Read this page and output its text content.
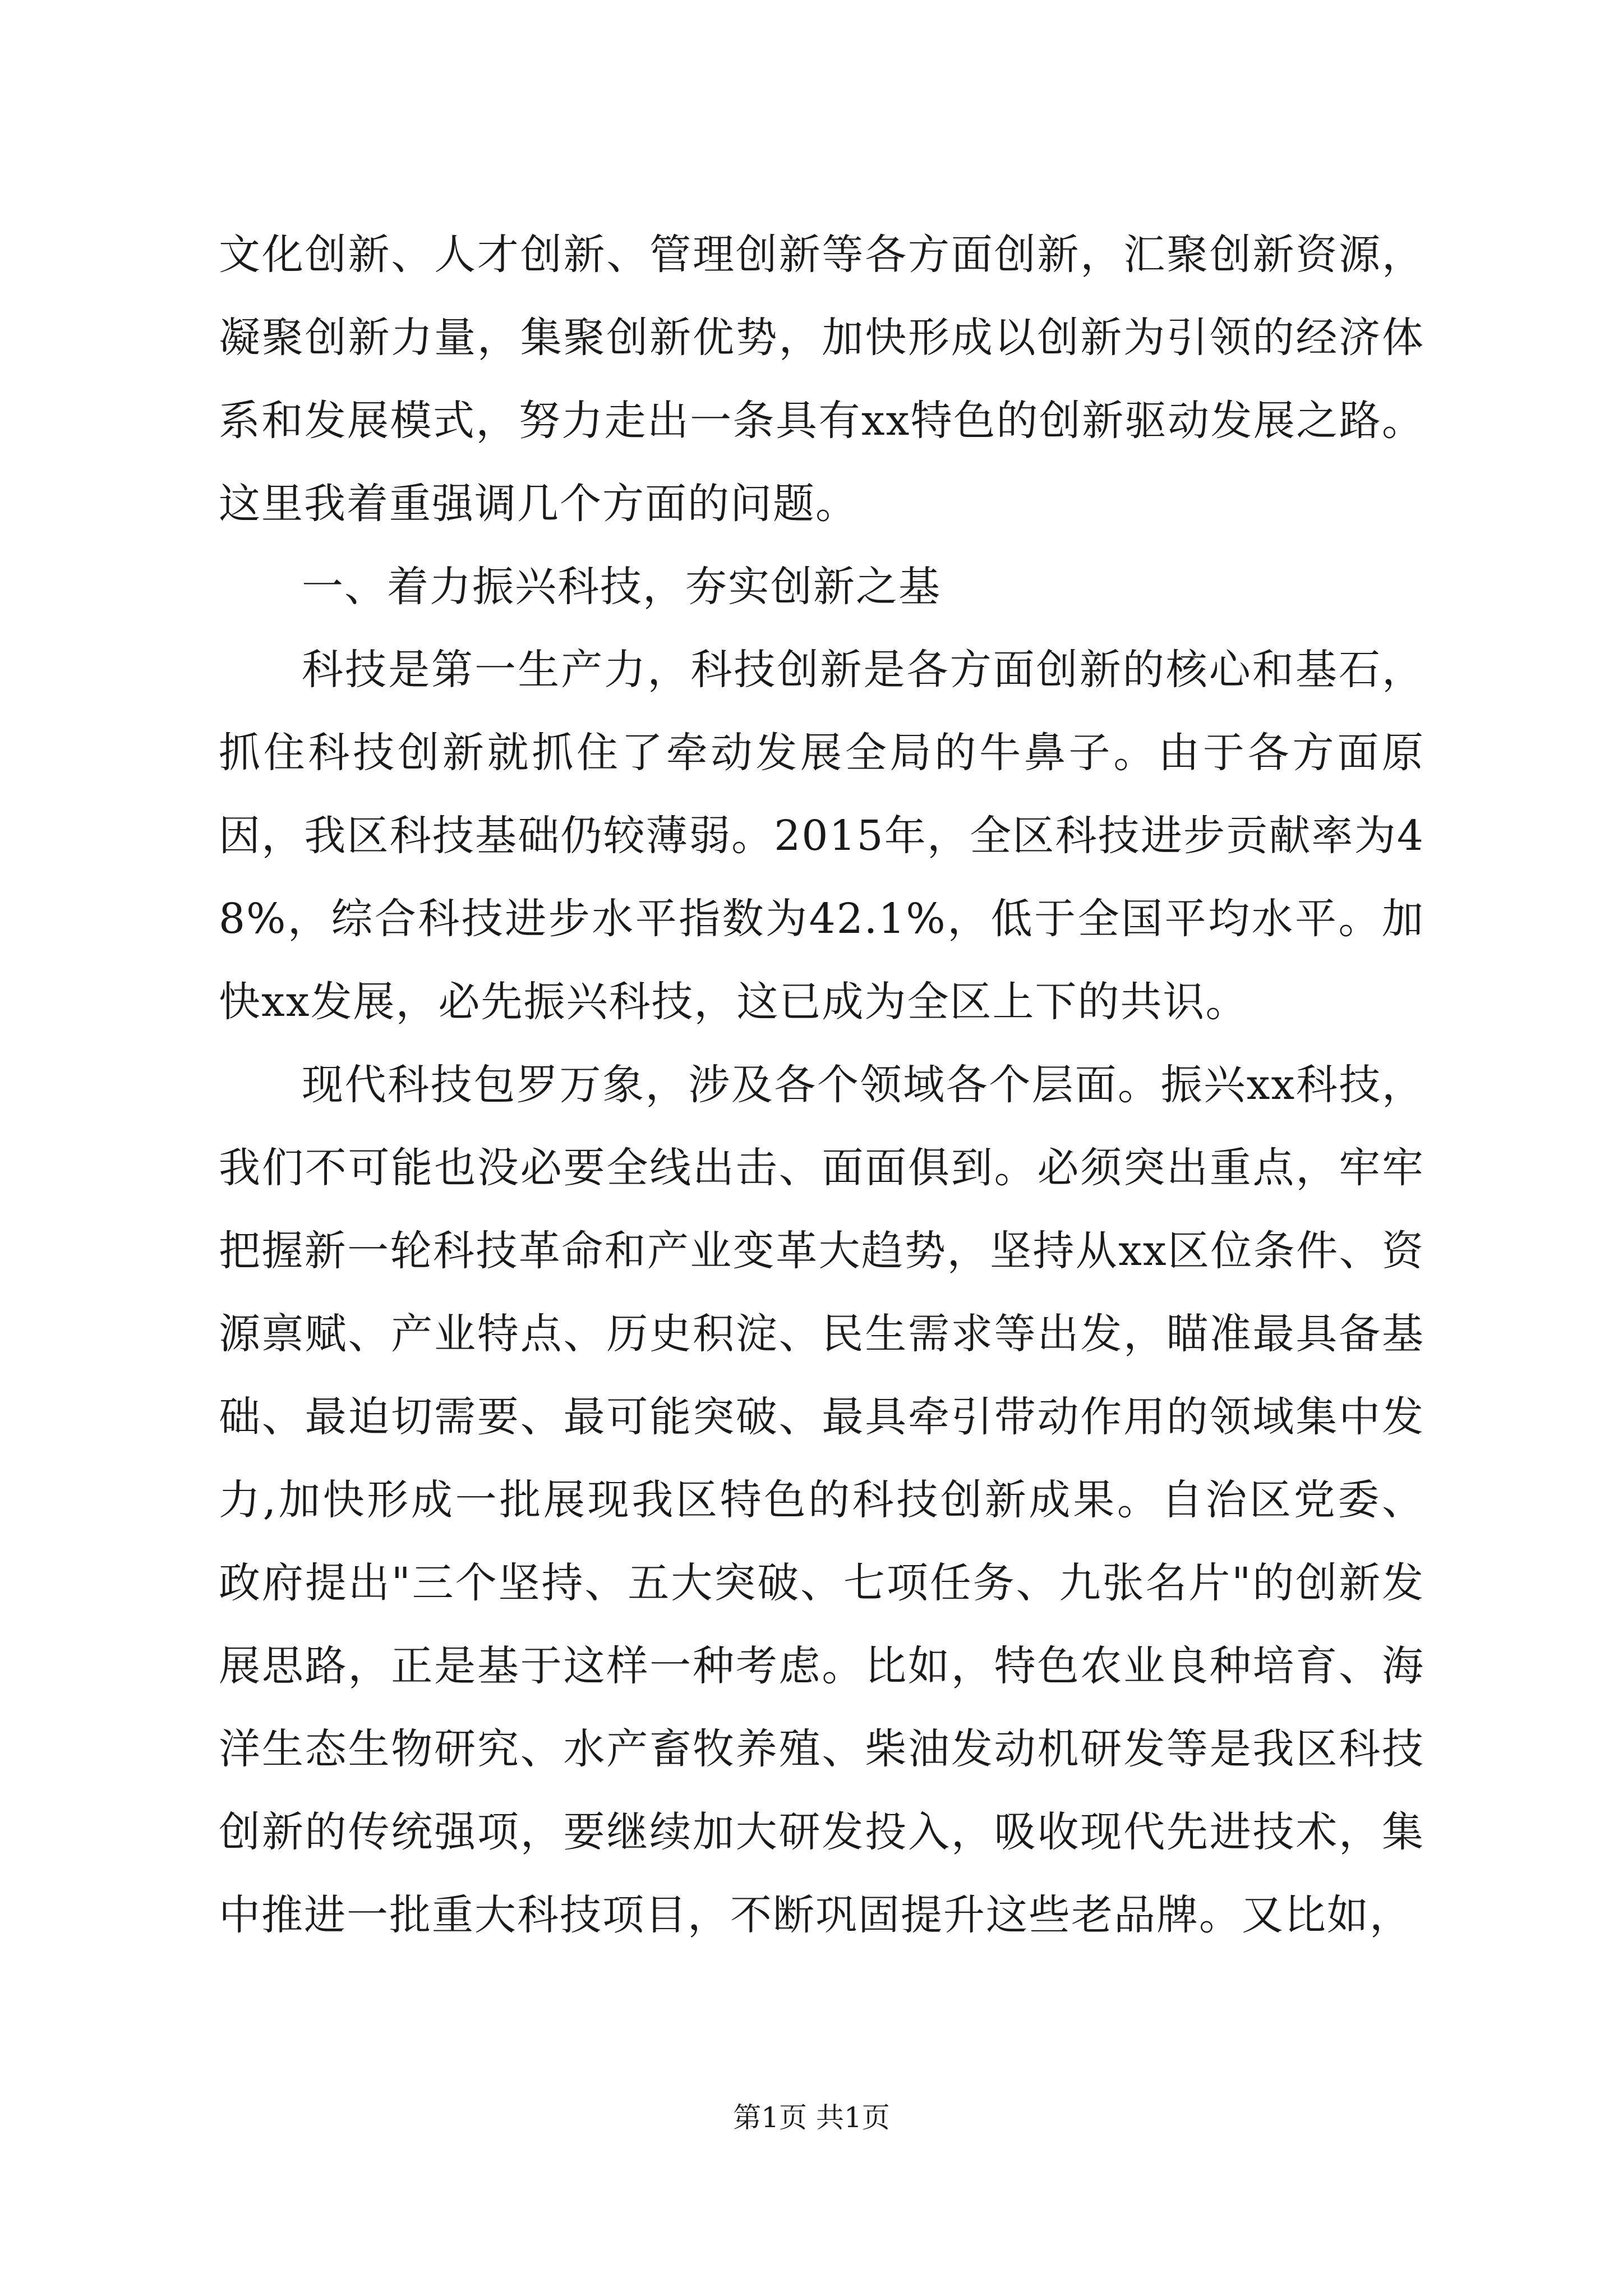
文化创新、人才创新、管理创新等各方面创新，汇聚创新资源，凝聚创新力量，集聚创新优势，加快形成以创新为引领的经济体系和发展模式，努力走出一条具有xx特色的创新驱动发展之路。这里我着重强调几个方面的问题。

一、着力振兴科技，夯实创新之基

科技是第一生产力，科技创新是各方面创新的核心和基石，抓住科技创新就抓住了牵动发展全局的牛鼻子。由于各方面原因，我区科技基础仍较薄弱。2015年，全区科技进步贡献率为48%，综合科技进步水平指数为42.1%，低于全国平均水平。加快xx发展，必先振兴科技，这已成为全区上下的共识。

现代科技包罗万象，涉及各个领域各个层面。振兴xx科技，我们不可能也没必要全线出击、面面俱到。必须突出重点，牢牢把握新一轮科技革命和产业变革大趋势，坚持从xx区位条件、资源禀赋、产业特点、历史积淀、民生需求等出发，瞄准最具备基础、最迫切需要、最可能突破、最具牵引带动作用的领域集中发力,加快形成一批展现我区特色的科技创新成果。自治区党委、政府提出"三个坚持、五大突破、七项任务、九张名片"的创新发展思路，正是基于这样一种考虑。比如，特色农业良种培育、海洋生态生物研究、水产畜牧养殖、柴油发动机研发等是我区科技创新的传统强项，要继续加大研发投入，吸收现代先进技术，集中推进一批重大科技项目，不断巩固提升这些老品牌。又比如，

第1页 共1页
